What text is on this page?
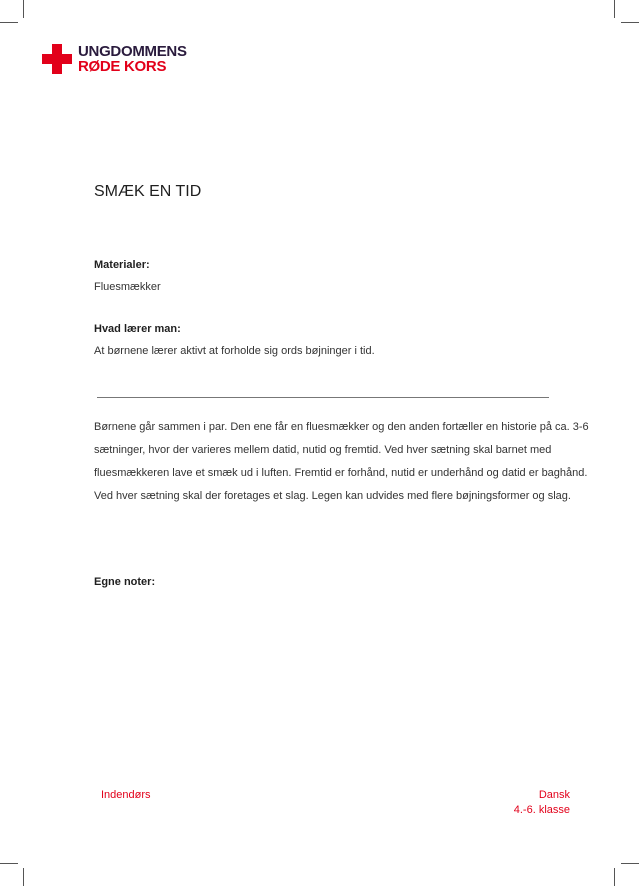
UNGDOMMENS
RØDE KORS
SMÆK EN TID
Materialer:
Fluesmækker
Hvad lærer man:
At børnene lærer aktivt at forholde sig ords bøjninger i tid.

Børnene går sammen i par. Den ene får en fluesmækker og den anden fortæller en historie på ca. 3-6 sætninger, hvor der varieres mellem datid, nutid og fremtid. Ved hver sætning skal barnet med fluesmækkeren lave et smæk ud i luften. Fremtid er forhånd, nutid er underhånd og datid er baghånd. Ved hver sætning skal der foretages et slag. Legen kan udvides med flere bøjningsformer og slag.

Egne noter:
Indendørs	Dansk
4.-6. klasse
